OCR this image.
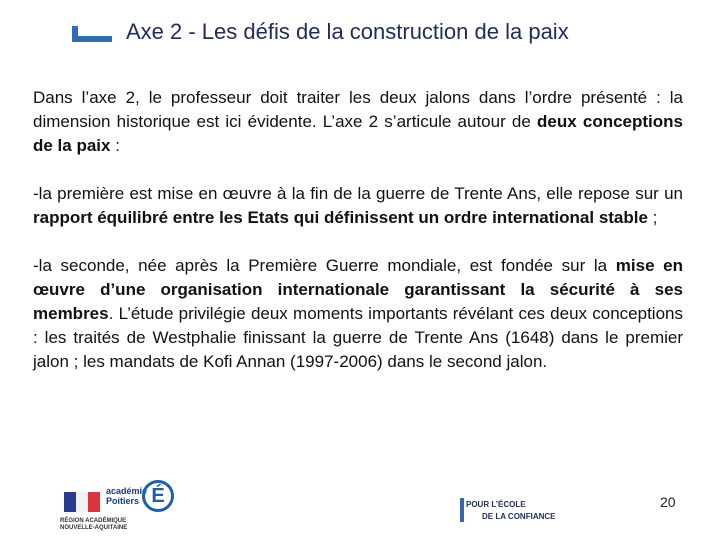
Axe 2 - Les défis de la construction de la paix

Dans l’axe 2, le professeur doit traiter les deux jalons dans l’ordre présenté : la dimension historique est ici évidente. L’axe 2 s’articule autour de deux conceptions de la paix :

-la première est mise en œuvre à la fin de la guerre de Trente Ans, elle repose sur un rapport équilibré entre les Etats qui définissent un ordre international stable ;

-la seconde, née après la Première Guerre mondiale, est fondée sur la mise en œuvre d’une organisation internationale garantissant la sécurité à ses membres. L’étude privilégie deux moments importants révélant ces deux conceptions : les traités de Westphalie finissant la guerre de Trente Ans (1648) dans le premier jalon ; les mandats de Kofi Annan (1997-2006) dans le second jalon.

académie Poitiers É
RÉGION ACADÉMIQUE
NOUVELLE-AQUITAINE
POUR L’ÉCOLE
DE LA CONFIANCE
20
